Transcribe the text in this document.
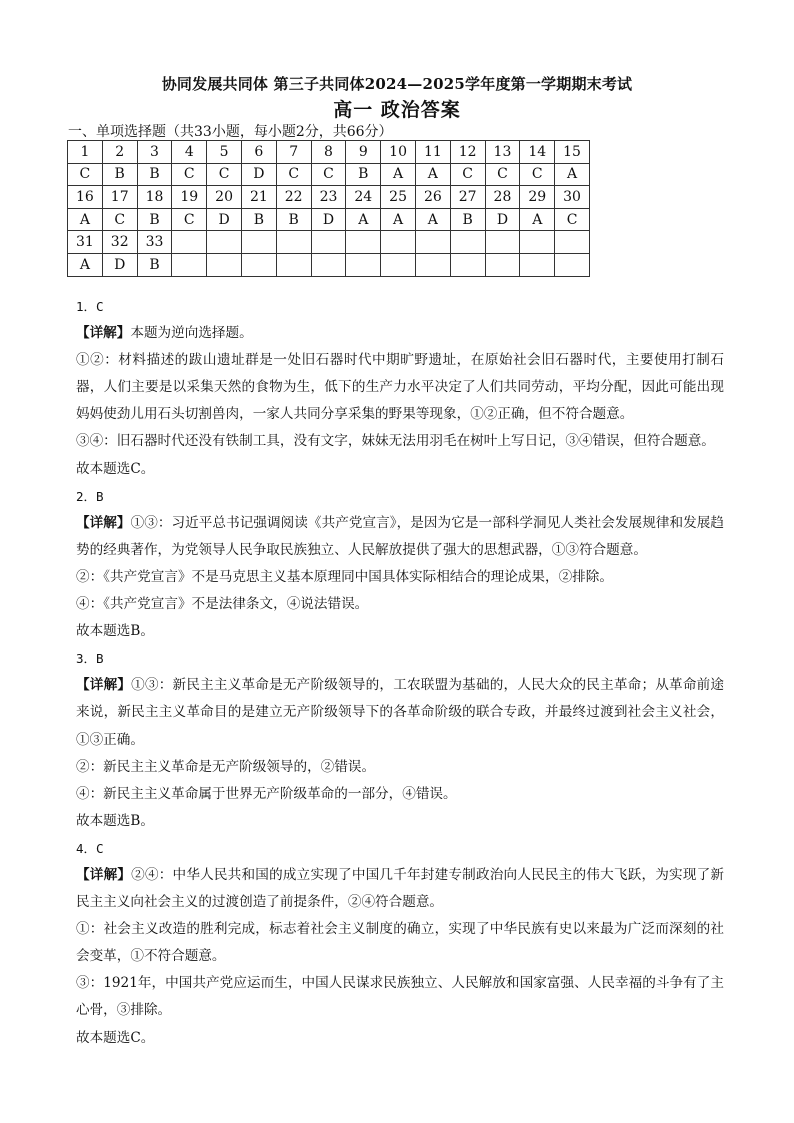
协同发展共同体 第三子共同体2024—2025学年度第一学期期末考试
高一 政治答案
一、单项选择题（共33小题，每小题2分，共66分）
1	2	3	4	5	6	7	8	9	10	11	12	13	14	15
C	B	B	C	C	D	C	C	B	A	A	C	C	C	A
16	17	18	19	20	21	22	23	24	25	26	27	28	29	30
A	C	B	C	D	B	B	D	A	A	A	B	D	A	C
31	32	33												
A	D	B												

1．C

【详解】本题为逆向选择题。

①②：材料描述的跋山遗址群是一处旧石器时代中期旷野遗址，在原始社会旧石器时代，主要使用打制石器，人们主要是以采集天然的食物为生，低下的生产力水平决定了人们共同劳动，平均分配，因此可能出现妈妈使劲儿用石头切割兽肉，一家人共同分享采集的野果等现象，①②正确，但不符合题意。

③④：旧石器时代还没有铁制工具，没有文字，妹妹无法用羽毛在树叶上写日记，③④错误，但符合题意。

故本题选C。

2．B

【详解】①③：习近平总书记强调阅读《共产党宣言》，是因为它是一部科学洞见人类社会发展规律和发展趋势的经典著作，为党领导人民争取民族独立、人民解放提供了强大的思想武器，①③符合题意。

②：《共产党宣言》不是马克思主义基本原理同中国具体实际相结合的理论成果，②排除。

④：《共产党宣言》不是法律条文，④说法错误。

故本题选B。

3．B

【详解】①③：新民主主义革命是无产阶级领导的，工农联盟为基础的，人民大众的民主革命；从革命前途来说，新民主主义革命目的是建立无产阶级领导下的各革命阶级的联合专政，并最终过渡到社会主义社会，①③正确。

②：新民主主义革命是无产阶级领导的，②错误。

④：新民主主义革命属于世界无产阶级革命的一部分，④错误。

故本题选B。

4．C

【详解】②④：中华人民共和国的成立实现了中国几千年封建专制政治向人民民主的伟大飞跃，为实现了新民主主义向社会主义的过渡创造了前提条件，②④符合题意。

①：社会主义改造的胜利完成，标志着社会主义制度的确立，实现了中华民族有史以来最为广泛而深刻的社会变革，①不符合题意。

③：1921年，中国共产党应运而生，中国人民谋求民族独立、人民解放和国家富强、人民幸福的斗争有了主心骨，③排除。

故本题选C。
